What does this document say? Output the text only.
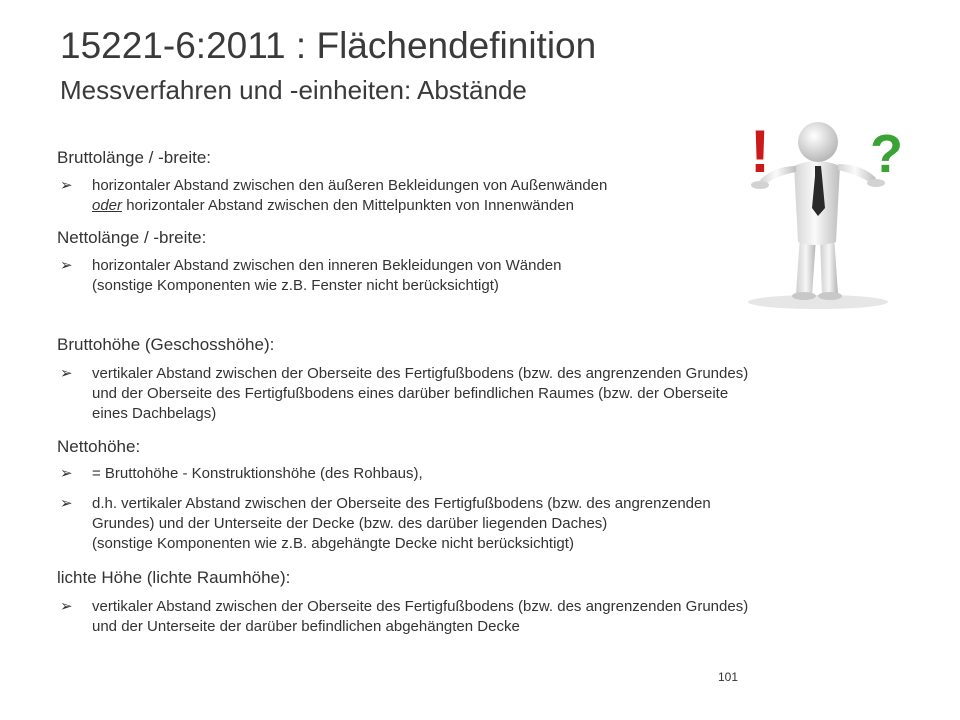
15221-6:2011 : Flächendefinition
Messverfahren und -einheiten: Abstände
Bruttolänge / -breite:
➢ horizontaler Abstand zwischen den äußeren Bekleidungen von Außenwänden
oder horizontaler Abstand zwischen den Mittelpunkten von Innenwänden
Nettolänge / -breite:
➢ horizontaler Abstand zwischen den inneren Bekleidungen von Wänden
(sonstige Komponenten wie z.B. Fenster nicht berücksichtigt)
Bruttohöhe (Geschosshöhe):
➢ vertikaler Abstand zwischen der Oberseite des Fertigfußbodens (bzw. des angrenzenden Grundes)
und der Oberseite des Fertigfußbodens eines darüber befindlichen Raumes (bzw. der Oberseite
eines Dachbelags)
Nettohöhe:
➢ = Bruttohöhe - Konstruktionshöhe (des Rohbaus),
➢ d.h. vertikaler Abstand zwischen der Oberseite des Fertigfußbodens (bzw. des angrenzenden
Grundes) und der Unterseite der Decke (bzw. des darüber liegenden Daches)
(sonstige Komponenten wie z.B. abgehängte Decke nicht berücksichtigt)
lichte Höhe (lichte Raumhöhe):
➢ vertikaler Abstand zwischen der Oberseite des Fertigfußbodens (bzw. des angrenzenden Grundes)
und der Unterseite der darüber befindlichen abgehängten Decke
! ?
101
